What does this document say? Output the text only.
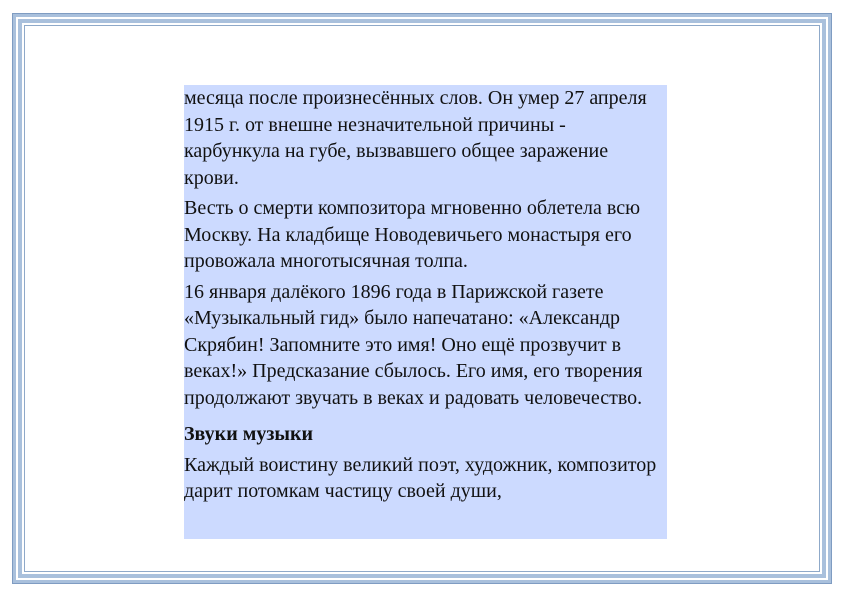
месяца после произнесённых слов. Он умер 27 апреля 1915 г. от внешне незначительной причины - карбункула на губе, вызвавшего общее заражение крови.

Весть о смерти композитора мгновенно облетела всю Москву. На кладбище Новодевичьего монастыря его провожала многотысячная толпа.

16 января далёкого 1896 года в Парижской газете «Музыкальный гид» было напечатано: «Александр Скрябин! Запомните это имя! Оно ещё прозвучит в веках!» Предсказание сбылось. Его имя, его творения продолжают звучать в веках и радовать человечество.

Звуки музыки

Каждый воистину великий поэт, художник, композитор дарит потомкам частицу своей души,
